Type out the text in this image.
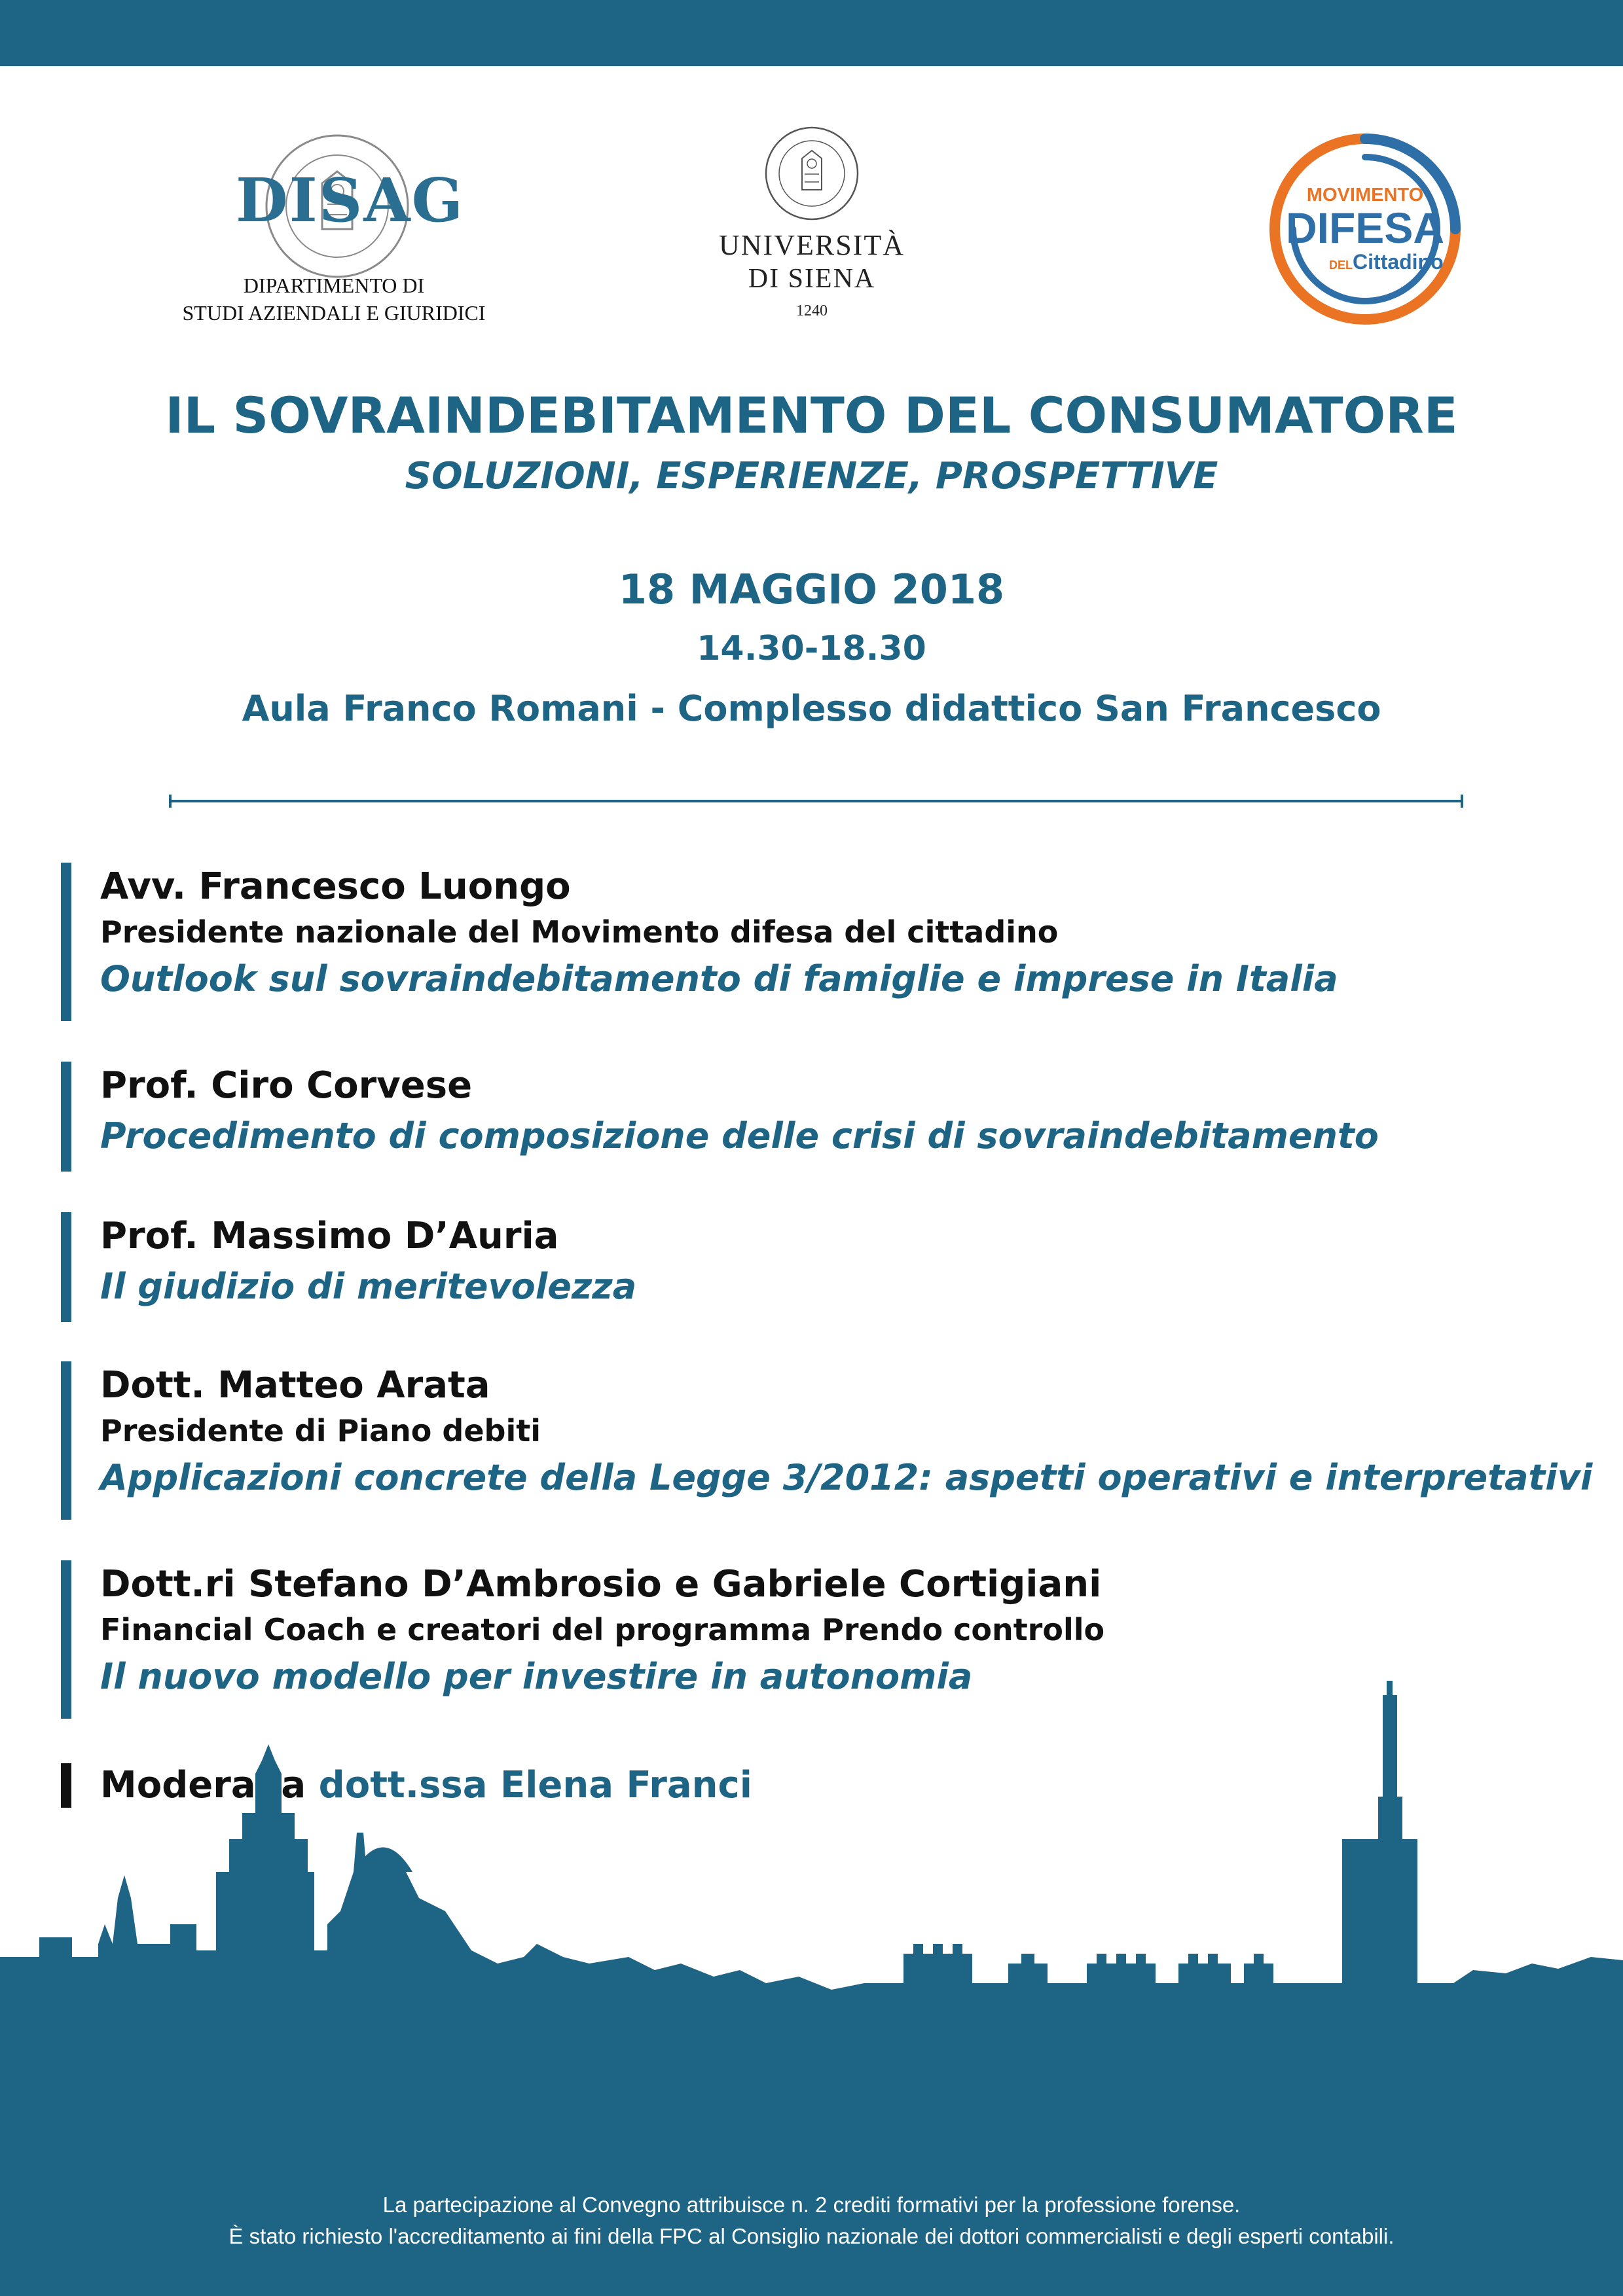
DISAG
DIPARTIMENTO DI
STUDI AZIENDALI E GIURIDICI
UNIVERSITÀ
DI SIENA
1240
MOVIMENTO
DIFESA
DELCittadino
IL SOVRAINDEBITAMENTO DEL CONSUMATORE
SOLUZIONI, ESPERIENZE, PROSPETTIVE
18 MAGGIO 2018
14.30-18.30
Aula Franco Romani - Complesso didattico San Francesco
Avv. Francesco Luongo
Presidente nazionale del Movimento difesa del cittadino
Outlook sul sovraindebitamento di famiglie e imprese in Italia
Prof. Ciro Corvese
Procedimento di composizione delle crisi di sovraindebitamento
Prof. Massimo D’Auria
Il giudizio di meritevolezza
Dott. Matteo Arata
Presidente di Piano debiti
Applicazioni concrete della Legge 3/2012: aspetti operativi e interpretativi
Dott.ri Stefano D’Ambrosio e Gabriele Cortigiani
Financial Coach e creatori del programma Prendo controllo
Il nuovo modello per investire in autonomia
Modera la dott.ssa Elena Franci
La partecipazione al Convegno attribuisce n. 2 crediti formativi per la professione forense.
È stato richiesto l'accreditamento ai fini della FPC al Consiglio nazionale dei dottori commercialisti e degli esperti contabili.
